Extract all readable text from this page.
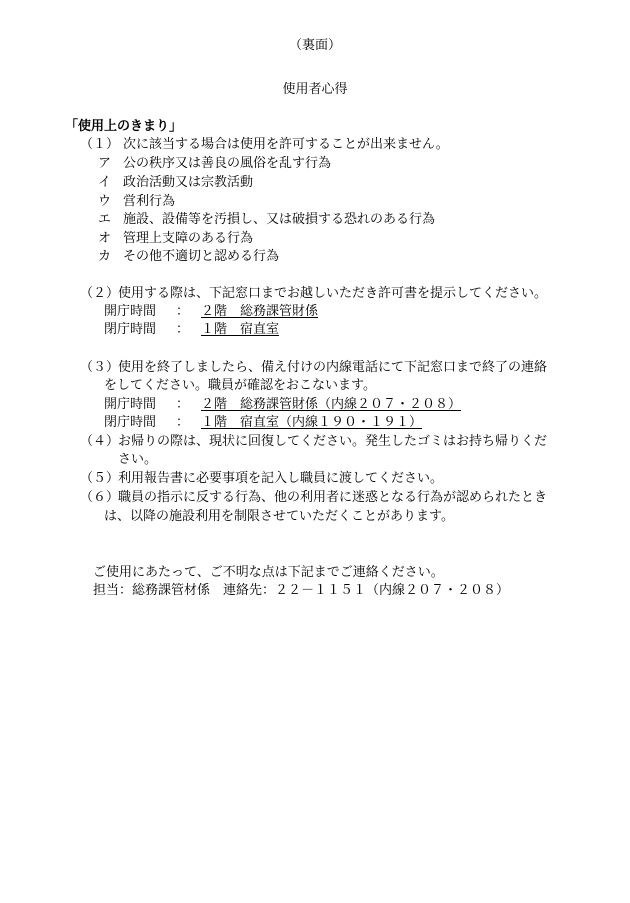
（裏面）
使用者心得
「使用上のきまり」
（１） 次に該当する場合は使用を許可することが出来ません。
ア 公の秩序又は善良の風俗を乱す行為
イ 政治活動又は宗教活動
ウ 営利行為
エ 施設、設備等を汚損し、又は破損する恐れのある行為
オ 管理上支障のある行為
カ その他不適切と認める行為
（２）
使用する際は、下記窓口までお越しいただき許可書を提示してください。
開庁時間 ： ２階　総務課管財係
閉庁時間 ： １階　宿直室
（３）
使用を終了しましたら、備え付けの内線電話にて下記窓口まで終了の連絡
をしてください。職員が確認をおこないます。
開庁時間 ： ２階　総務課管財係（内線２０７・２０８）
閉庁時間 ： １階　宿直室（内線１９０・１９１）
（４）
お帰りの際は、現状に回復してください。発生したゴミはお持ち帰りくだ
さい。
（５）
利用報告書に必要事項を記入し職員に渡してください。
（６）
職員の指示に反する行為、他の利用者に迷惑となる行為が認められたとき
は、以降の施設利用を制限させていただくことがあります。
ご使用にあたって、ご不明な点は下記までご連絡ください。
担当：総務課管材係　連絡先：２２－１１５１（内線２０７・２０８）
